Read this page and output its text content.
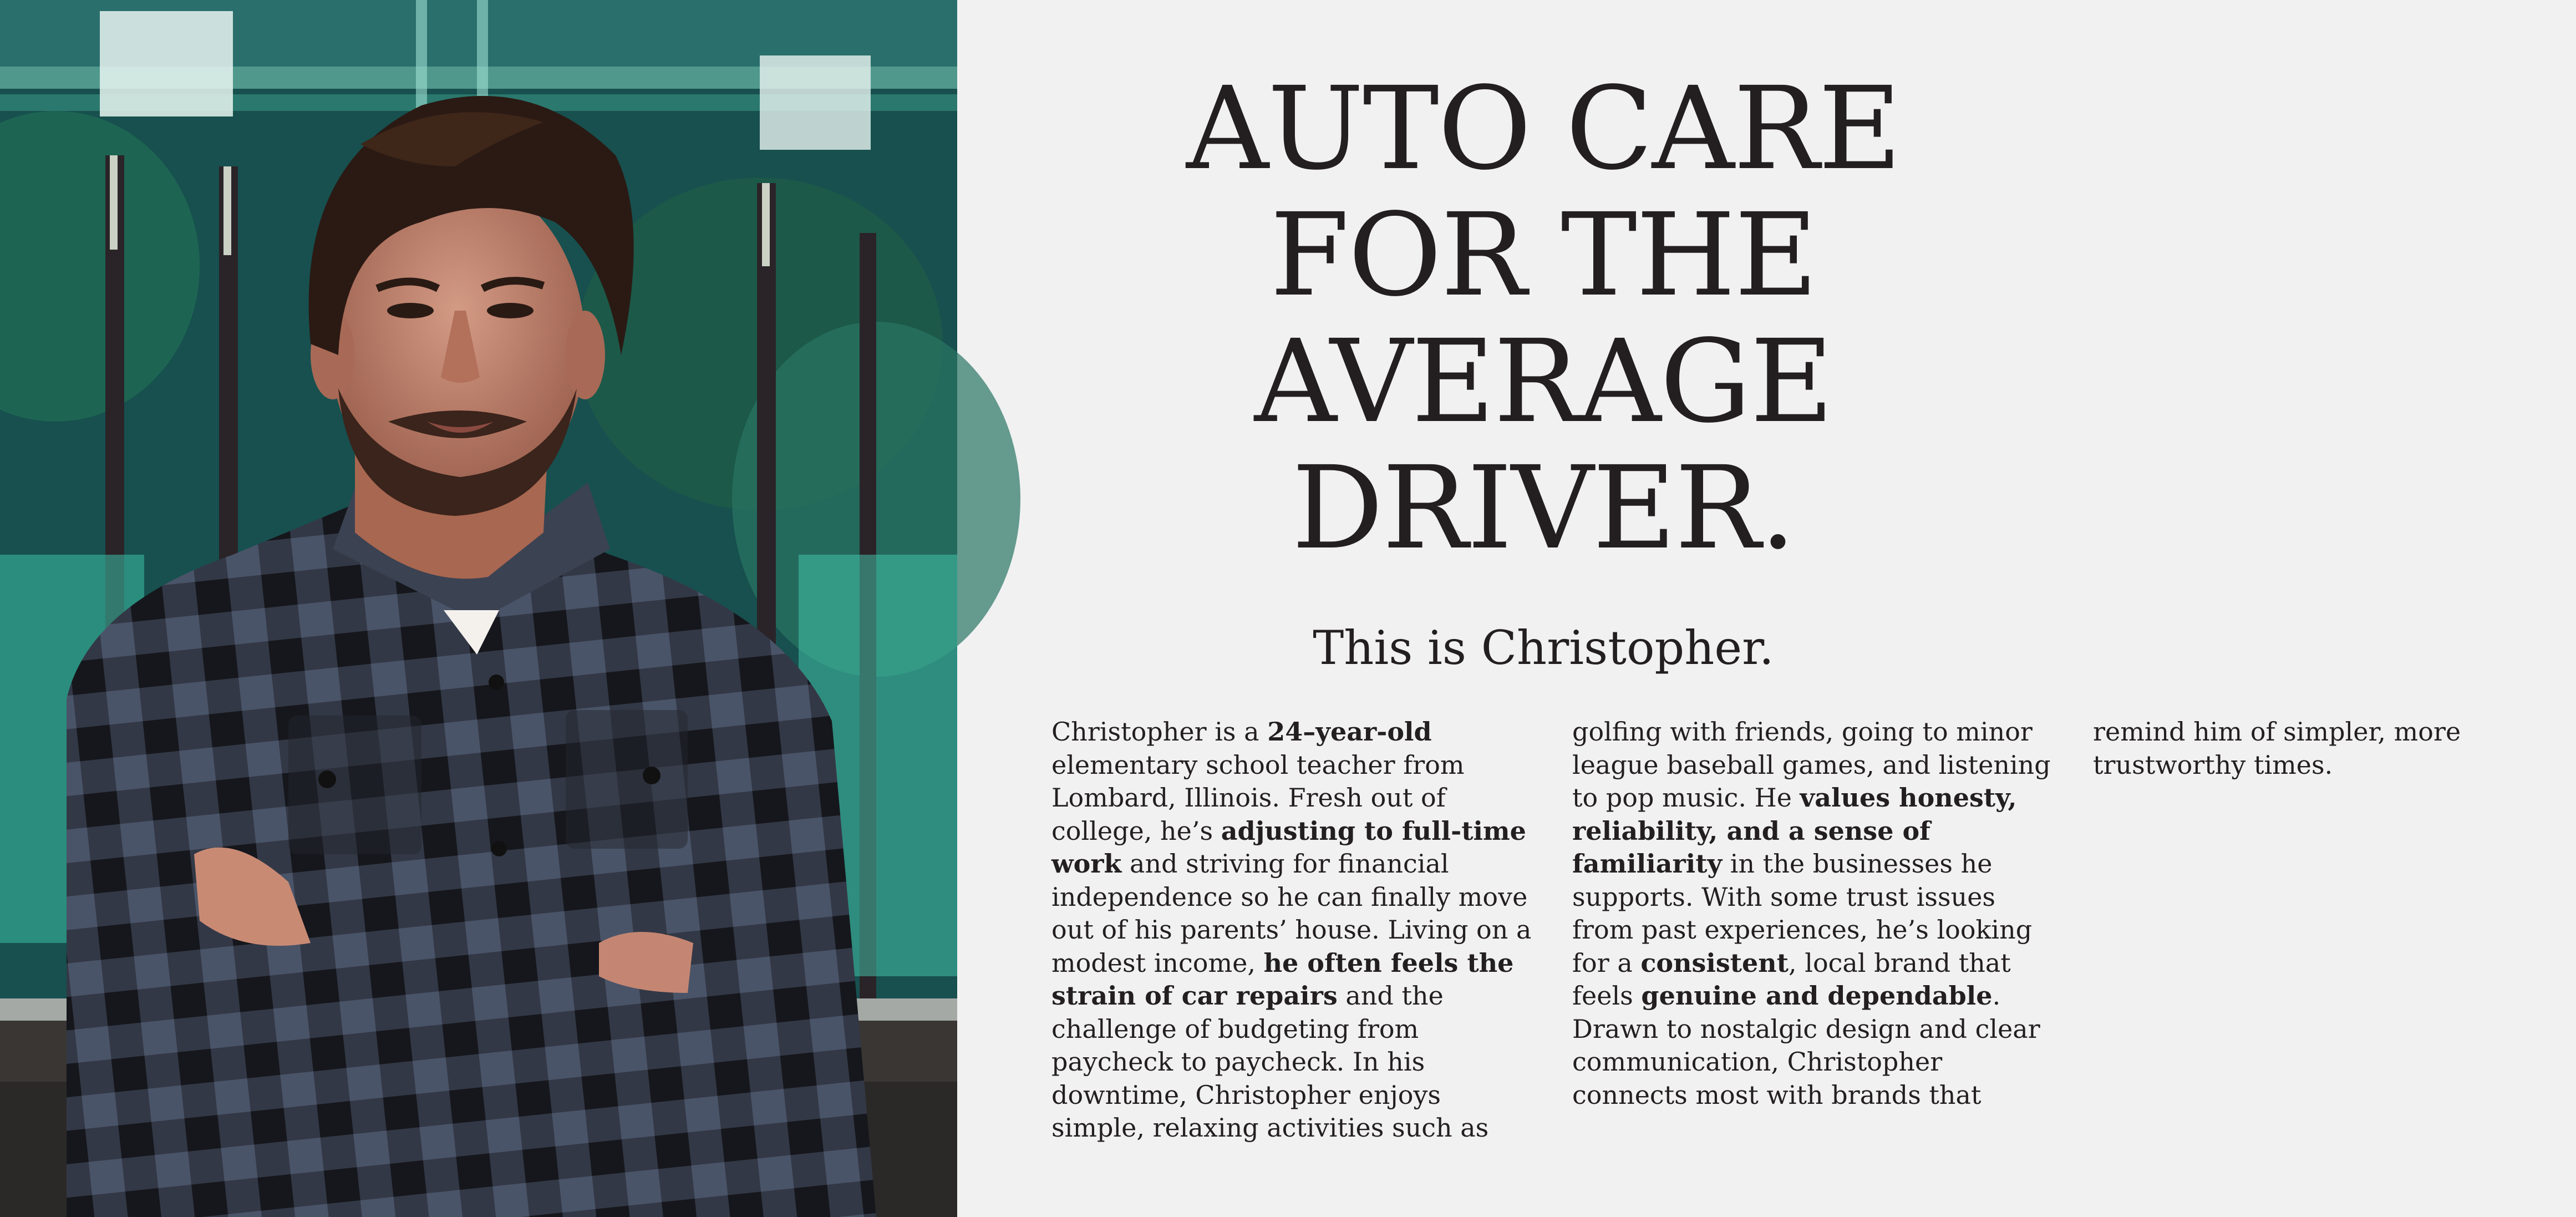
AUTO CARE
FOR THE
AVERAGE
DRIVER.
This is Christopher.

Christopher is a 24–year-old elementary school teacher from Lombard, Illinois. Fresh out of college, he’s adjusting to full-time work and striving for financial independence so he can finally move out of his parents’ house. Living on a modest income, he often feels the strain of car repairs and the challenge of budgeting from paycheck to paycheck. In his downtime, Christopher enjoys simple, relaxing activities such as golfing with friends, going to minor league baseball games, and listening to pop music. He values honesty, reliability, and a sense of familiarity in the businesses he supports. With some trust issues from past experiences, he’s looking for a consistent, local brand that feels genuine and dependable. Drawn to nostalgic design and clear communication, Christopher connects most with brands that remind him of simpler, more trustworthy times.
